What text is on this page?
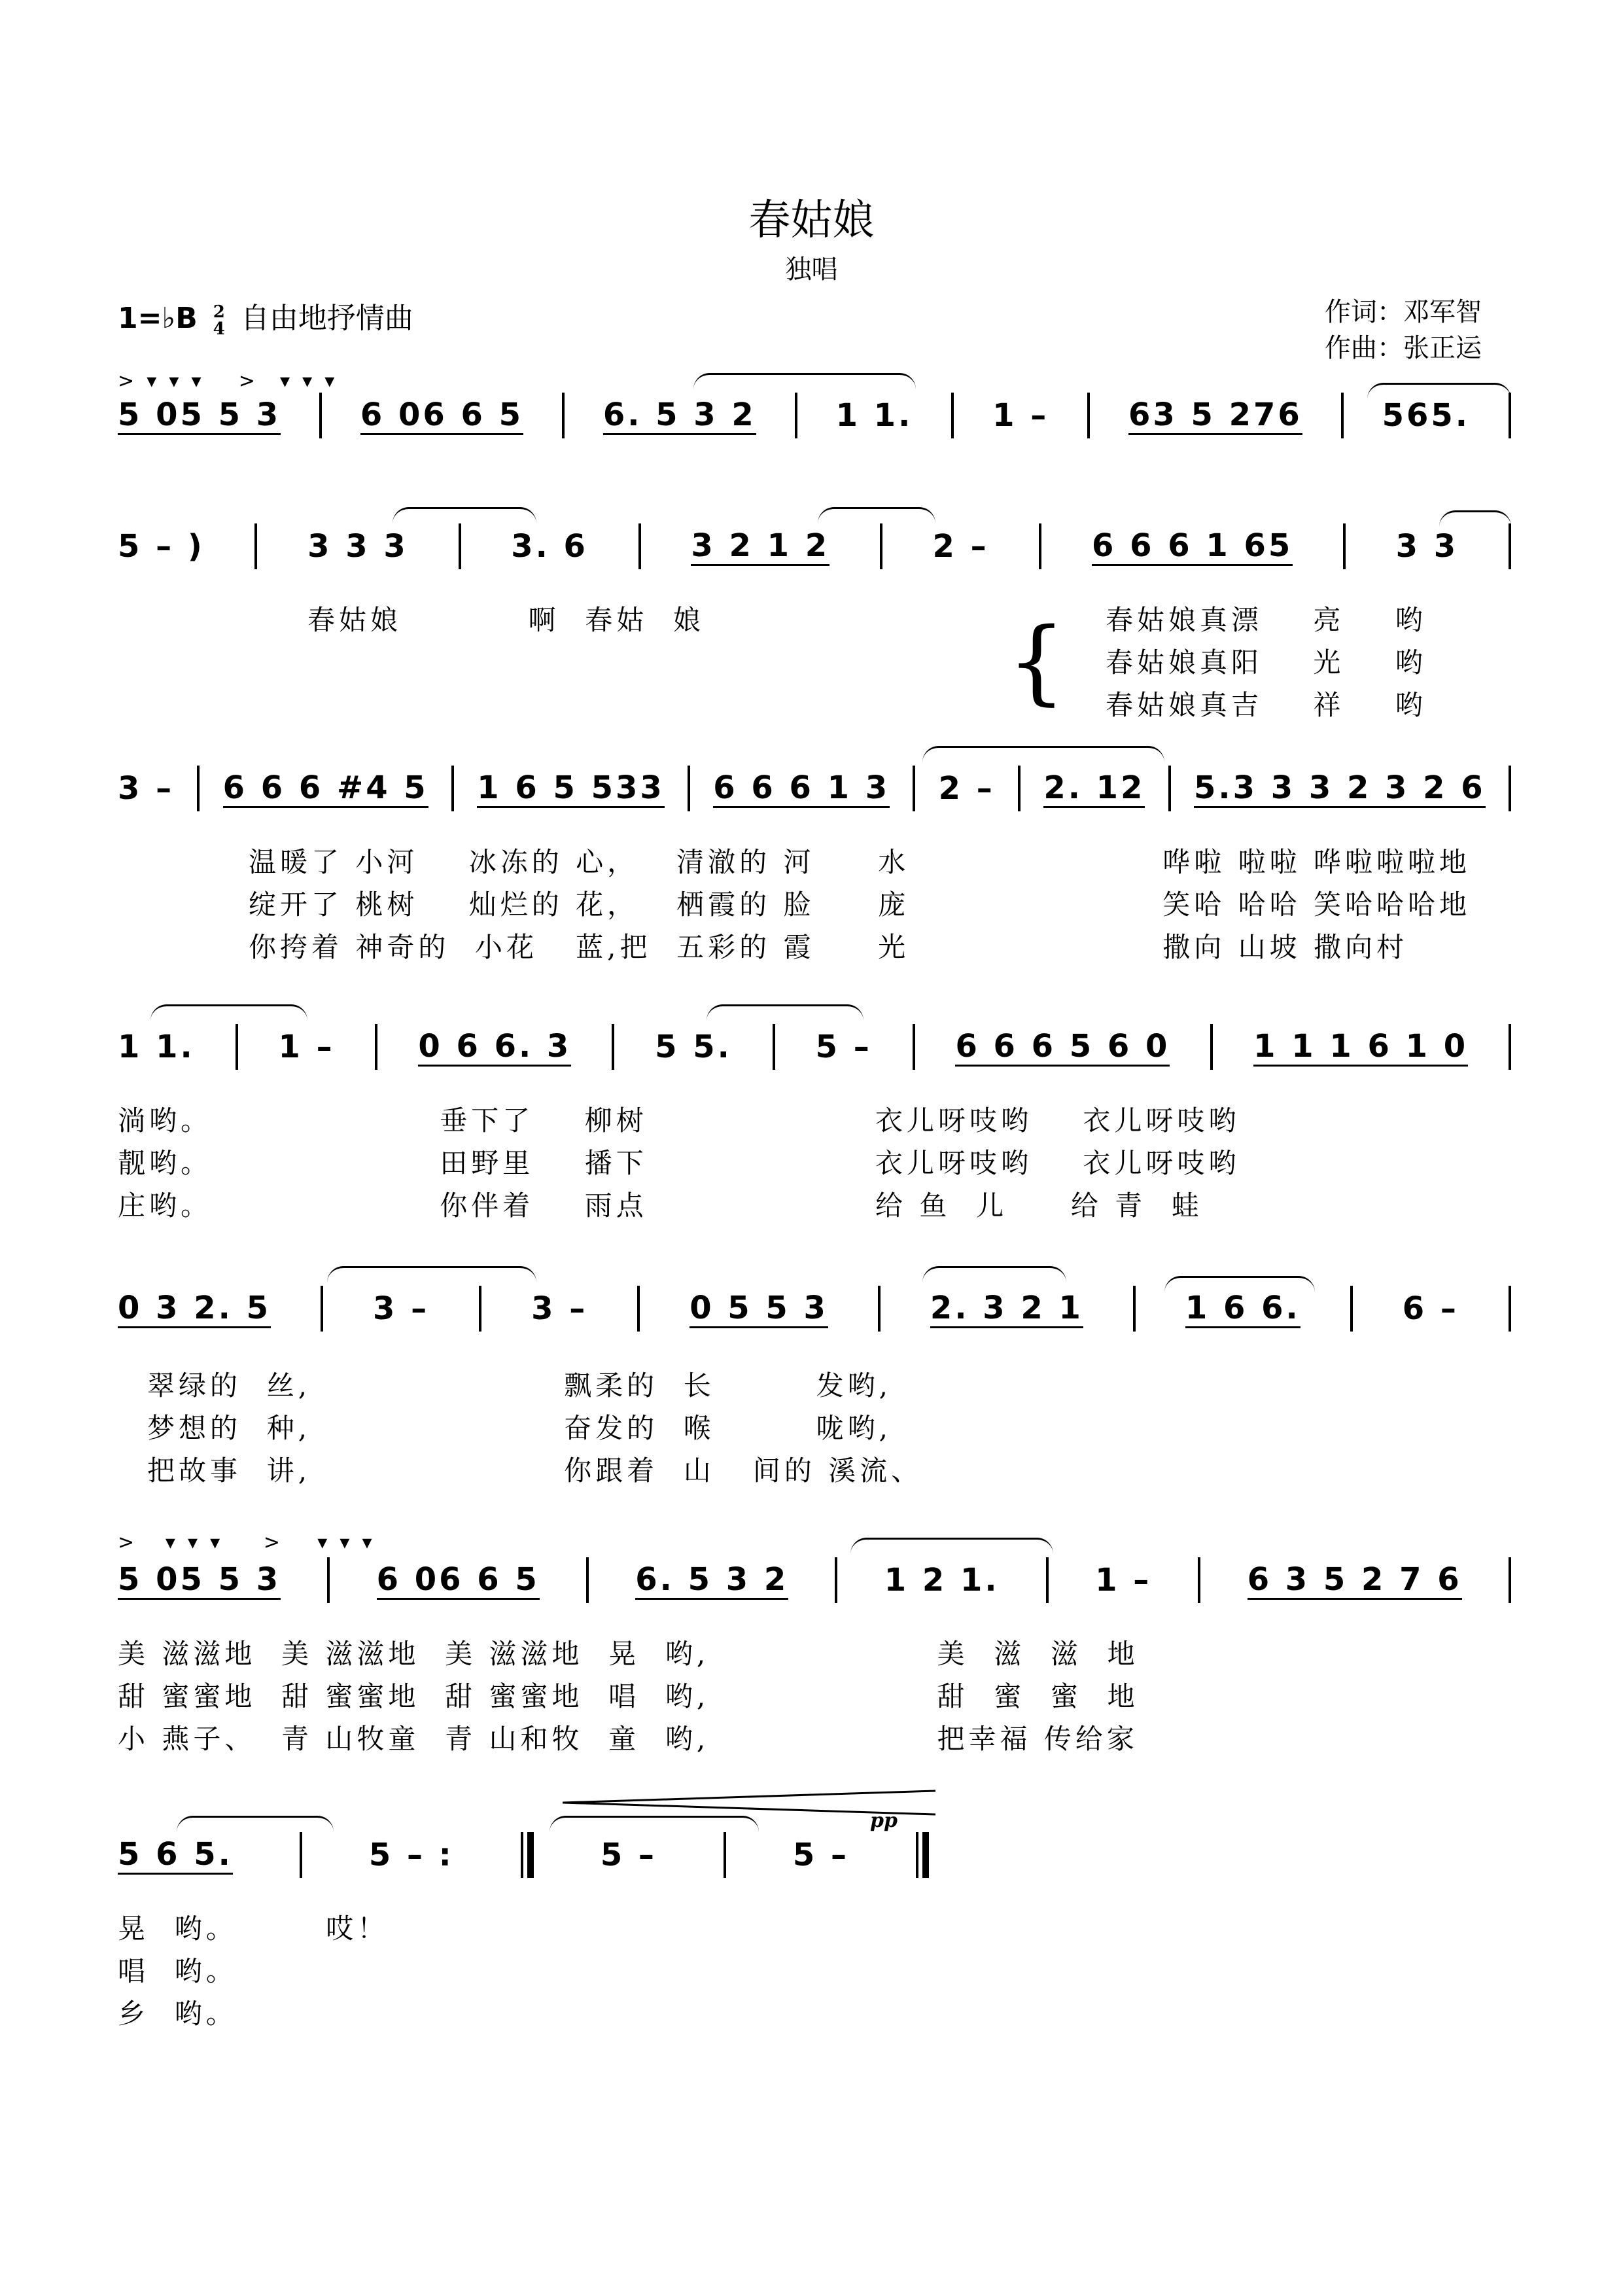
春姑娘
独唱
1=♭B 2
4 自由地抒情曲	作词：邓军智
作曲：张正运
>  ▾  ▾  ▾      >    ▾  ▾  ▾
5 05 5 3	6 06 6 5	6. 5 3 2	1 1.	1 –	63 5 276	565.
5 – )	3 3 3	3. 6	3 2 1 2	2 –	6 6 6 1 65	3 3
春姑娘          啊  春姑  娘	{ 春姑娘真漂    亮    哟
春姑娘真阳    光    哟
春姑娘真吉    祥    哟
3 – 6 6 6 #4 5 1 6 5 533 6 6 6 1 3 2 – 2. 12 5.3 3 3 2 3 2 6
温暖了 小河    冰冻的 心，   清澈的 河     水                    哗啦 啦啦 哗啦啦啦地
绽开了 桃树    灿烂的 花，   栖霞的 脸     庞                    笑哈 哈哈 笑哈哈哈地
你挎着 神奇的  小花   蓝,把  五彩的 霞     光                    撒向 山坡 撒向村
1 1.	1 –	0 6 6. 3	5 5.	5 –	6 6 6 5 6 0	1 1 1 6 1 0
淌哟。                  垂下了    柳树                  衣儿呀吱哟    衣儿呀吱哟
靓哟。                  田野里    播下                  衣儿呀吱哟    衣儿呀吱哟
庄哟。                  你伴着    雨点                  给 鱼  儿     给 青  蛙
0 3 2. 5	3 –	3 –	0 5 5 3	2. 3 2 1	1 6 6.	6 –
翠绿的  丝,                    飘柔的  长        发哟,
梦想的  种,                    奋发的  喉        咙哟,
把故事  讲,                    你跟着  山   间的 溪流、
>     ▾  ▾  ▾       >      ▾  ▾  ▾
5 05 5 3	6 06 6 5	6. 5 3 2	1 2 1.	1 –	6 3 5 2 7 6
美 滋滋地  美 滋滋地  美 滋滋地  晃  哟,                  美  滋  滋  地
甜 蜜蜜地  甜 蜜蜜地  甜 蜜蜜地  唱  哟,                  甜  蜜  蜜  地
小 燕子、  青 山牧童  青 山和牧  童  哟,                  把幸福 传给家
5 6 5.	5 – :	5 –	5 –
pp
晃  哟。       哎！
唱  哟。
乡  哟。
